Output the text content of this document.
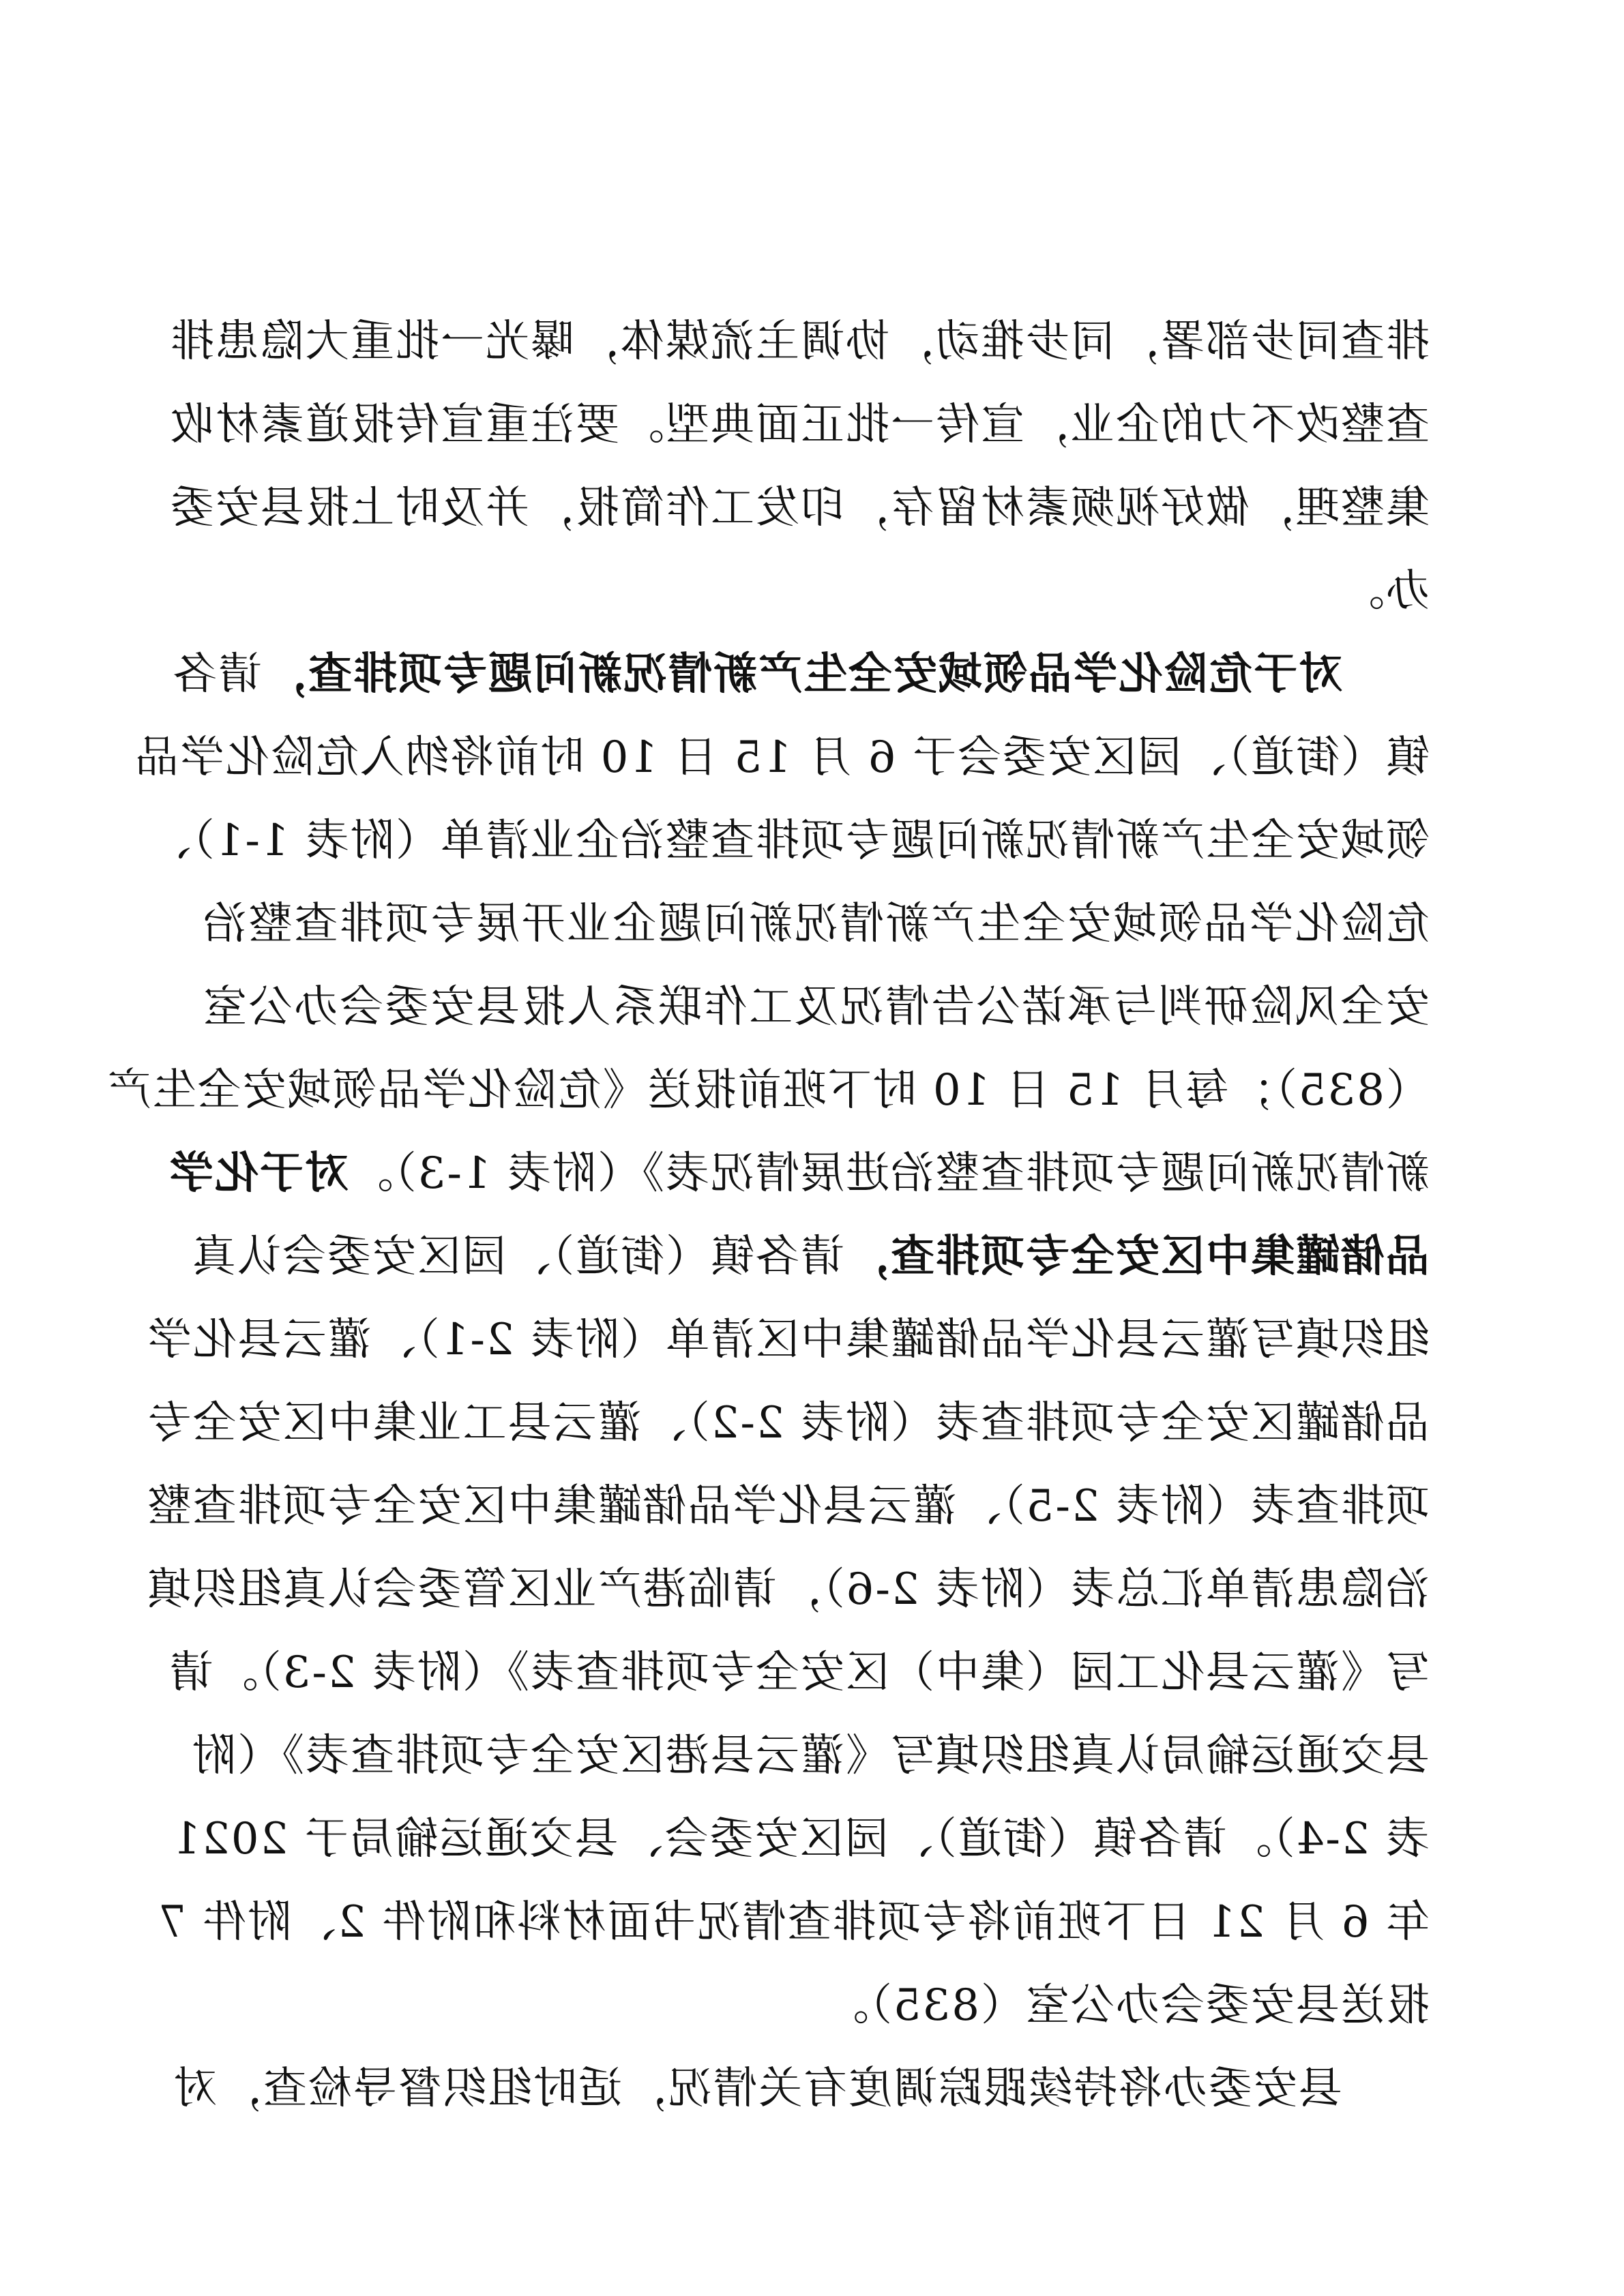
排查同步部署，同步推动，协调主流媒体，曝光一批重大隐患排
查整改不力的企业，宣传一批正面典型。要注重宣传报道素材收
集整理，做好视频素材留存，印发工作简报，并及时上报县安委
办。
对于危险化学品领域安全生产新情况新问题专项排查，请各
镇（街道）、园区安委会于 6 月 15 日 10 时前将纳入危险化学品
领域安全生产新情况新问题专项排查整治企业清单（附表 1-1）、
危险化学品领域安全生产新情况新问题企业开展专项排查整治
安全风险研判与承诺公告情况及工作联系人报县安委会办公室
（835）；每月 15 日 10 时下班前报送《危险化学品领域安全生产
新情况新问题专项排查整治进展情况表》（附表 1-3）。对于化学
品储罐集中区安全专项排查，请各镇（街道）、园区安委会认真
组织填写灌云县化学品储罐集中区清单（附表 2-1）、灌云县化学
品储罐区安全专项排查表（附表 2-2）、灌云县工业集中区安全专
项排查表（附表 2-5）、灌云县化学品储罐集中区安全专项排查整
治隐患清单汇总表（附表 2-6），请临港产业区管委会认真组织填
写《灌云县化工园（集中）区安全专项排查表》（附表 2-3）。请
县交通运输局认真组织填写《灌云县港区安全专项排查表》（附
表 2-4）。请各镇（街道）、园区安委会、县交通运输局于 2021
年 6 月 21 日下班前将专项排查情况书面材料和附件 2、附件 7
报送县安委会办公室（835）。
县安委办将持续跟踪调度有关情况，适时组织督导检查，对
